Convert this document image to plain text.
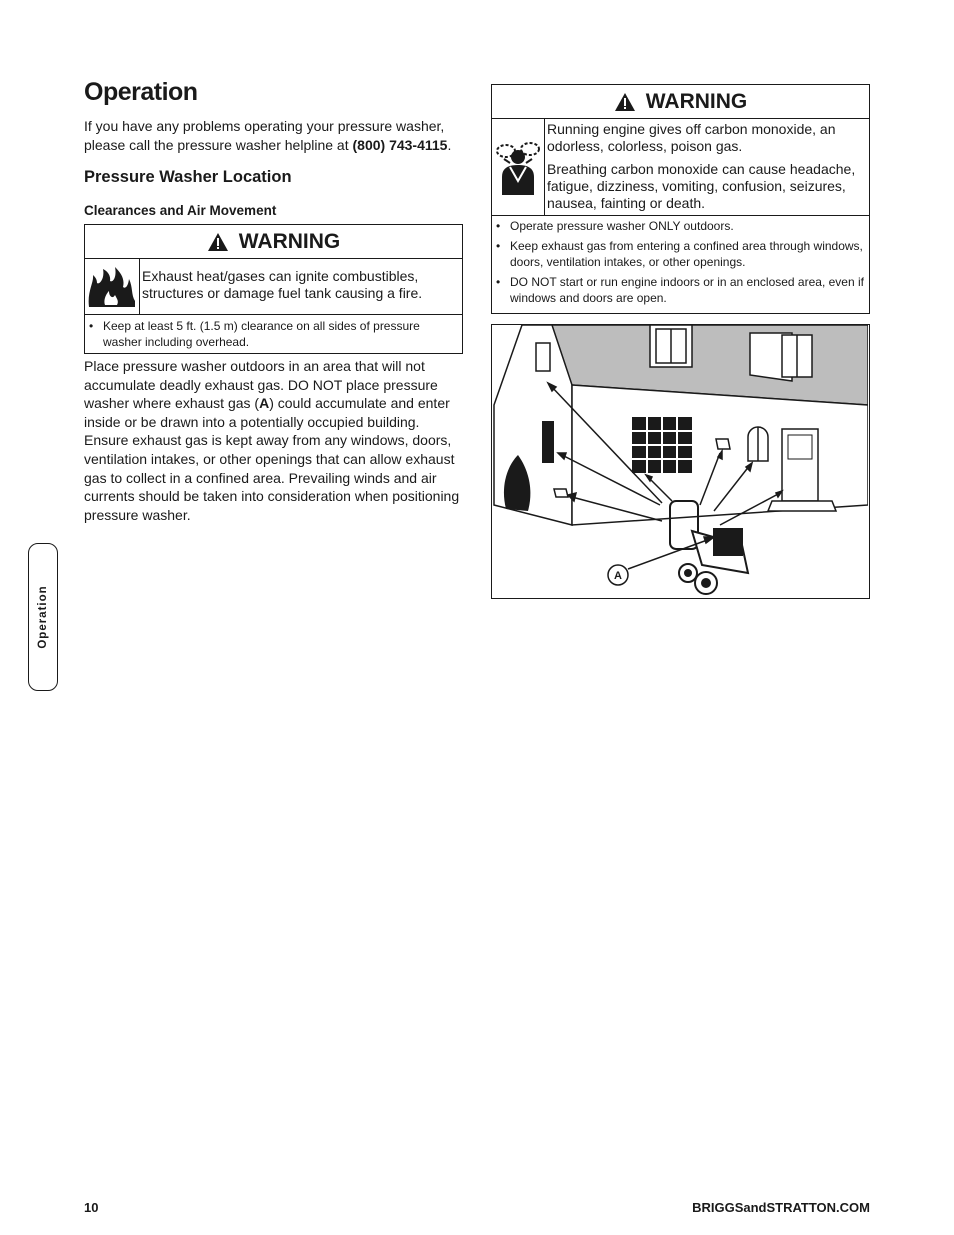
Operation

If you have any problems operating your pressure washer, please call the pressure washer helpline at (800) 743-4115.

Pressure Washer Location
Clearances and Air Movement
WARNING
Exhaust heat/gases can ignite combustibles, structures or damage fuel tank causing a fire.
• Keep at least 5 ft. (1.5 m) clearance on all sides of pressure washer including overhead.

Place pressure washer outdoors in an area that will not accumulate deadly exhaust gas. DO NOT place pressure washer where exhaust gas (A) could accumulate and enter inside or be drawn into a potentially occupied building. Ensure exhaust gas is kept away from any windows, doors, ventilation intakes, or other openings that can allow exhaust gas to collect in a confined area. Prevailing winds and air currents should be taken into consideration when positioning pressure washer.

WARNING

Running engine gives off carbon monoxide, an odorless, colorless, poison gas.

Breathing carbon monoxide can cause headache, fatigue, dizziness, vomiting, confusion, seizures, nausea, fainting or death.

• Operate pressure washer ONLY outdoors.
• Keep exhaust gas from entering a confined area through windows, doors, ventilation intakes, or other openings.
• DO NOT start or run engine indoors or in an enclosed area, even if windows and doors are open.
A
Operation
10	BRIGGSandSTRATTON.COM
